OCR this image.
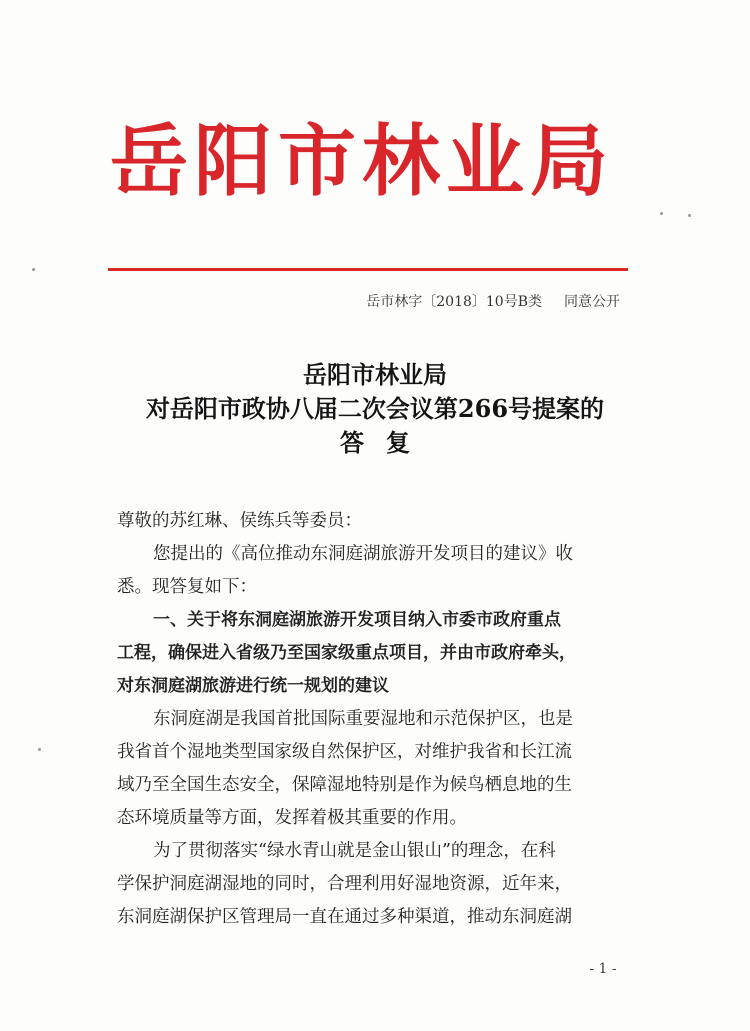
岳阳市林业局
岳市林字〔2018〕10号B类 同意公开
岳阳市林业局
对岳阳市政协八届二次会议第266号提案的
答复
尊敬的苏红琳、侯练兵等委员：
您提出的《高位推动东洞庭湖旅游开发项目的建议》收
悉。现答复如下：
一、关于将东洞庭湖旅游开发项目纳入市委市政府重点
工程，确保进入省级乃至国家级重点项目，并由市政府牵头，
对东洞庭湖旅游进行统一规划的建议
东洞庭湖是我国首批国际重要湿地和示范保护区，也是
我省首个湿地类型国家级自然保护区，对维护我省和长江流
域乃至全国生态安全，保障湿地特别是作为候鸟栖息地的生
态环境质量等方面，发挥着极其重要的作用。
为了贯彻落实“绿水青山就是金山银山”的理念，在科
学保护洞庭湖湿地的同时，合理利用好湿地资源，近年来，
东洞庭湖保护区管理局一直在通过多种渠道，推动东洞庭湖
- 1 -
